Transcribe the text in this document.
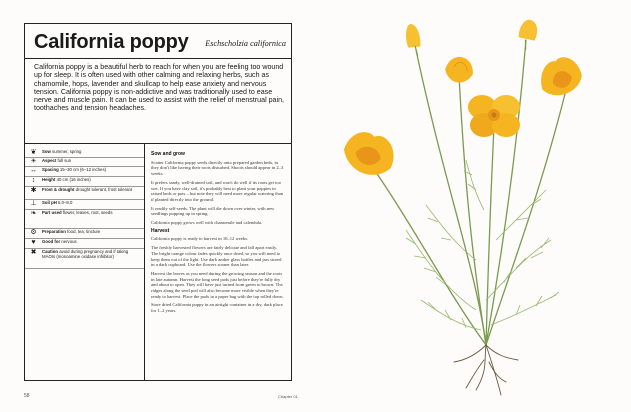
California poppy Eschscholzia californica
California poppy is a beautiful herb to reach for when you are feeling too wound up for sleep. It is often used with other calming and relaxing herbs, such as chamomile, hops, lavender and skullcap to help ease anxiety and nervous tension. California poppy is non-addictive and was traditionally used to ease nerve and muscle pain. It can be used to assist with the relief of menstrual pain, toothaches and tension headaches.
❦	Sow summer, spring
☀	Aspect full sun
↔ Spacing 15–30 cm (6–12 inches)
↕	Height 40 cm (16 inches)
✱	Frost & drought drought tolerant, frost tolerant
⊥	Soil pH 6.0–8.0
❧	Part used flower, leaves, root, seeds
⚙	Preparation food, tea, tincture
♥	Good for nervous
✖	Caution avoid during pregnancy and if taking MAOIs (monoamine oxidase inhibitor)
Sow and grow

Scatter California poppy seeds directly onto prepared garden beds, as they don't like having their roots disturbed. Shoots should appear in 2–3 weeks.

It prefers sandy, well-drained soil, and won't do well if its roots get too wet. If you have clay soil, it's probably best to plant your poppies in raised beds or pots – but note they will need more regular watering than if planted directly into the ground.

It readily self-seeds. The plant will die down over winter, with new seedlings popping up in spring.

California poppy grows well with chamomile and calendula.

Harvest

California poppy is ready to harvest in 10–12 weeks.

The freshly harvested flowers are fairly delicate and fall apart easily. The bright orange colour fades quickly once dried, so you will need to keep them out of the light. Use dark amber glass bottles and jars stored in a dark cupboard. Use the flowers sooner than later.

Harvest the leaves as you need during the growing season and the roots in late autumn. Harvest the long seed pods just before they're fully dry and about to open. They will have just turned from green to brown. The ridges along the seed pod will also become more visible when they're ready to harvest. Place the pods in a paper bag with the top rolled down.

Store dried California poppy in an airtight container in a dry, dark place for 1–2 years.

58	Chapter 01
